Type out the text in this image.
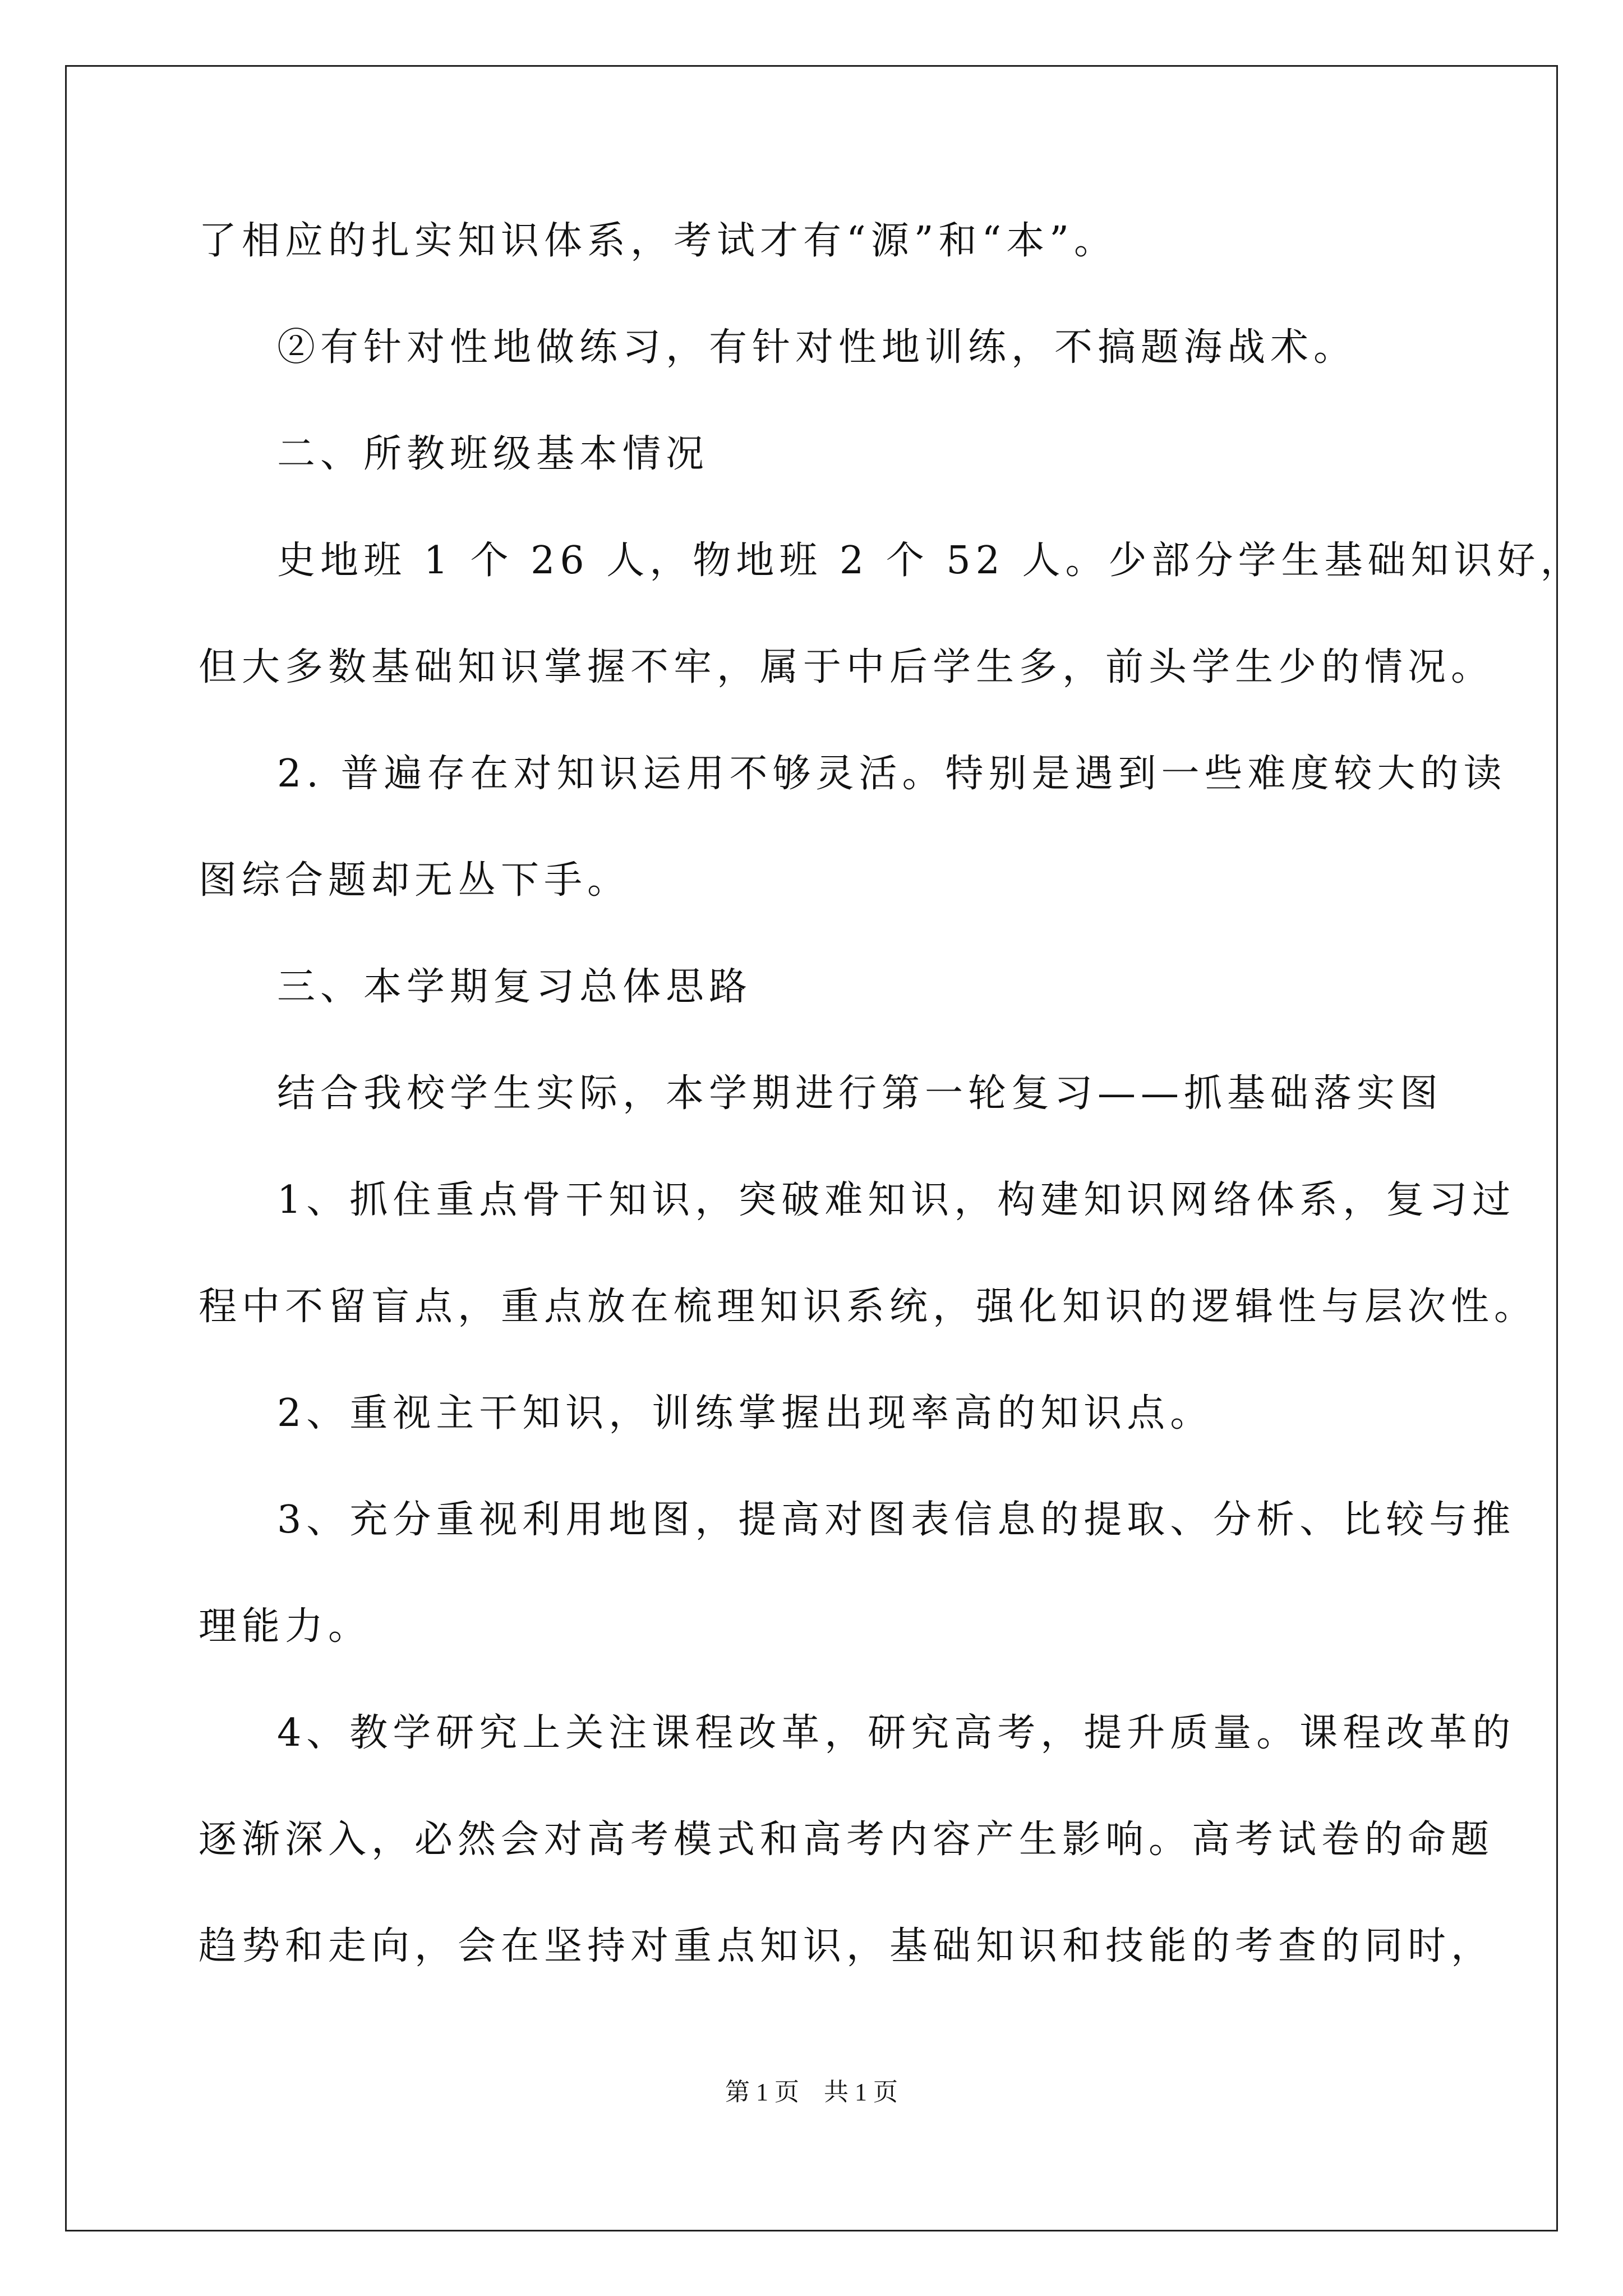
了相应的扎实知识体系，考试才有“源”和“本”。
②有针对性地做练习，有针对性地训练，不搞题海战术。
二、所教班级基本情况
史地班 1 个 26 人，物地班 2 个 52 人。少部分学生基础知识好，
但大多数基础知识掌握不牢，属于中后学生多，前头学生少的情况。
2. 普遍存在对知识运用不够灵活。特别是遇到一些难度较大的读
图综合题却无丛下手。
三、本学期复习总体思路
结合我校学生实际，本学期进行第一轮复习——抓基础落实图
1、抓住重点骨干知识，突破难知识，构建知识网络体系，复习过
程中不留盲点，重点放在梳理知识系统，强化知识的逻辑性与层次性。
2、重视主干知识，训练掌握出现率高的知识点。
3、充分重视利用地图，提高对图表信息的提取、分析、比较与推
理能力。
4、教学研究上关注课程改革，研究高考，提升质量。课程改革的
逐渐深入，必然会对高考模式和高考内容产生影响。高考试卷的命题
趋势和走向，会在坚持对重点知识，基础知识和技能的考查的同时，
第 1 页　共 1 页
